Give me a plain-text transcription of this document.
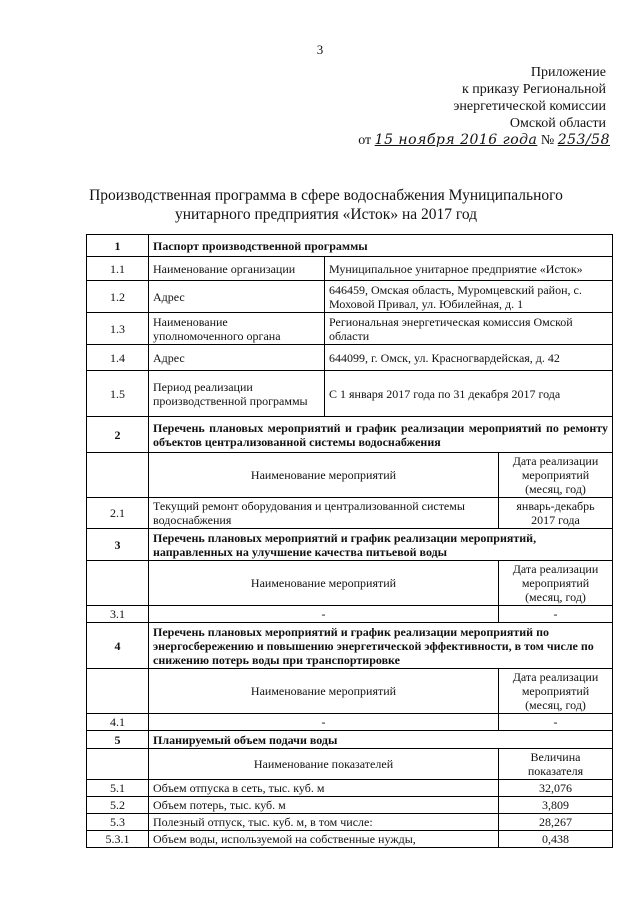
3
Приложение
к приказу Региональной
энергетической комиссии
Омской области
от 15 ноября 2016 года № 253/58
Производственная программа в сфере водоснабжения Муниципального
унитарного предприятия «Исток» на 2017 год
1	Паспорт производственной программы		
1.1	Наименование организации	Муниципальное унитарное предприятие «Исток»	
1.2	Адрес	646459, Омская область, Муромцевский район, с. Моховой Привал, ул. Юбилейная, д. 1	
1.3	Наименование уполномоченного органа	Региональная энергетическая комиссия Омской области	
1.4	Адрес	644099, г. Омск, ул. Красногвардейская, д. 42	
1.5	Период реализации производственной программы	С 1 января 2017 года по 31 декабря 2017 года	
2	Перечень плановых мероприятий и график реализации мероприятий по ремонту объектов централизованной системы водоснабжения		
	Наименование мероприятий		Дата реализации мероприятий (месяц, год)
2.1	Текущий ремонт оборудования и централизованной системы водоснабжения		январь-декабрь 2017 года
3	Перечень плановых мероприятий и график реализации мероприятий, направленных на улучшение качества питьевой воды		
	Наименование мероприятий		Дата реализации мероприятий (месяц, год)
3.1	-		-
4	Перечень плановых мероприятий и график реализации мероприятий по энергосбережению и повышению энергетической эффективности, в том числе по снижению потерь воды при транспортировке		
	Наименование мероприятий		Дата реализации мероприятий (месяц, год)
4.1	-		-
5	Планируемый объем подачи воды		
	Наименование показателей		Величина показателя
5.1	Объем отпуска в сеть, тыс. куб. м		32,076
5.2	Объем потерь, тыс. куб. м		3,809
5.3	Полезный отпуск, тыс. куб. м, в том числе:		28,267
5.3.1	Объем воды, используемой на собственные нужды,		0,438
